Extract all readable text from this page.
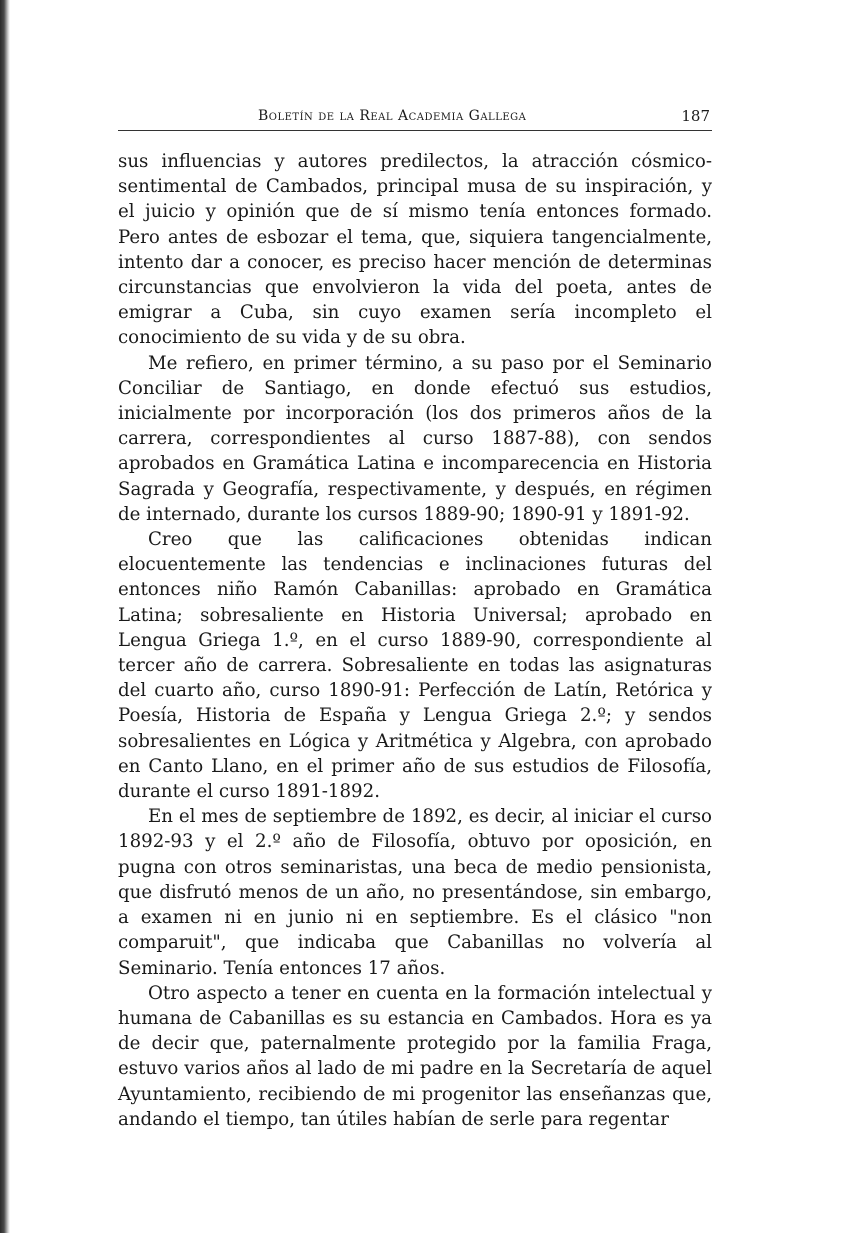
Boletín de la Real Academia Gallega	187

sus influencias y autores predilectos, la atracción cósmico-sentimental de Cambados, principal musa de su inspiración, y el juicio y opinión que de sí mismo tenía entonces formado. Pero antes de esbozar el tema, que, siquiera tangencialmente, intento dar a conocer, es preciso hacer mención de determinas circunstancias que envolvieron la vida del poeta, antes de emigrar a Cuba, sin cuyo examen sería incompleto el conocimiento de su vida y de su obra.

Me refiero, en primer término, a su paso por el Seminario Conciliar de Santiago, en donde efectuó sus estudios, inicialmente por incorporación (los dos primeros años de la carrera, correspondientes al curso 1887-88), con sendos aprobados en Gramática Latina e incomparecencia en Historia Sagrada y Geografía, respectivamente, y después, en régimen de internado, durante los cursos 1889-90; 1890-91 y 1891-92.

Creo que las calificaciones obtenidas indican elocuentemente las tendencias e inclinaciones futuras del entonces niño Ramón Cabanillas: aprobado en Gramática Latina; sobresaliente en Historia Universal; aprobado en Lengua Griega 1.º, en el curso 1889-90, correspondiente al tercer año de carrera. Sobresaliente en todas las asignaturas del cuarto año, curso 1890-91: Perfección de Latín, Retórica y Poesía, Historia de España y Lengua Griega 2.º; y sendos sobresalientes en Lógica y Aritmética y Algebra, con aprobado en Canto Llano, en el primer año de sus estudios de Filosofía, durante el curso 1891-1892.

En el mes de septiembre de 1892, es decir, al iniciar el curso 1892-93 y el 2.º año de Filosofía, obtuvo por oposición, en pugna con otros seminaristas, una beca de medio pensionista, que disfrutó menos de un año, no presentándose, sin embargo, a examen ni en junio ni en septiembre. Es el clásico "non comparuit", que indicaba que Cabanillas no volvería al Seminario. Tenía entonces 17 años.

Otro aspecto a tener en cuenta en la formación intelectual y humana de Cabanillas es su estancia en Cambados. Hora es ya de decir que, paternalmente protegido por la familia Fraga, estuvo varios años al lado de mi padre en la Secretaría de aquel Ayuntamiento, recibiendo de mi progenitor las enseñanzas que, andando el tiempo, tan útiles habían de serle para regentar
